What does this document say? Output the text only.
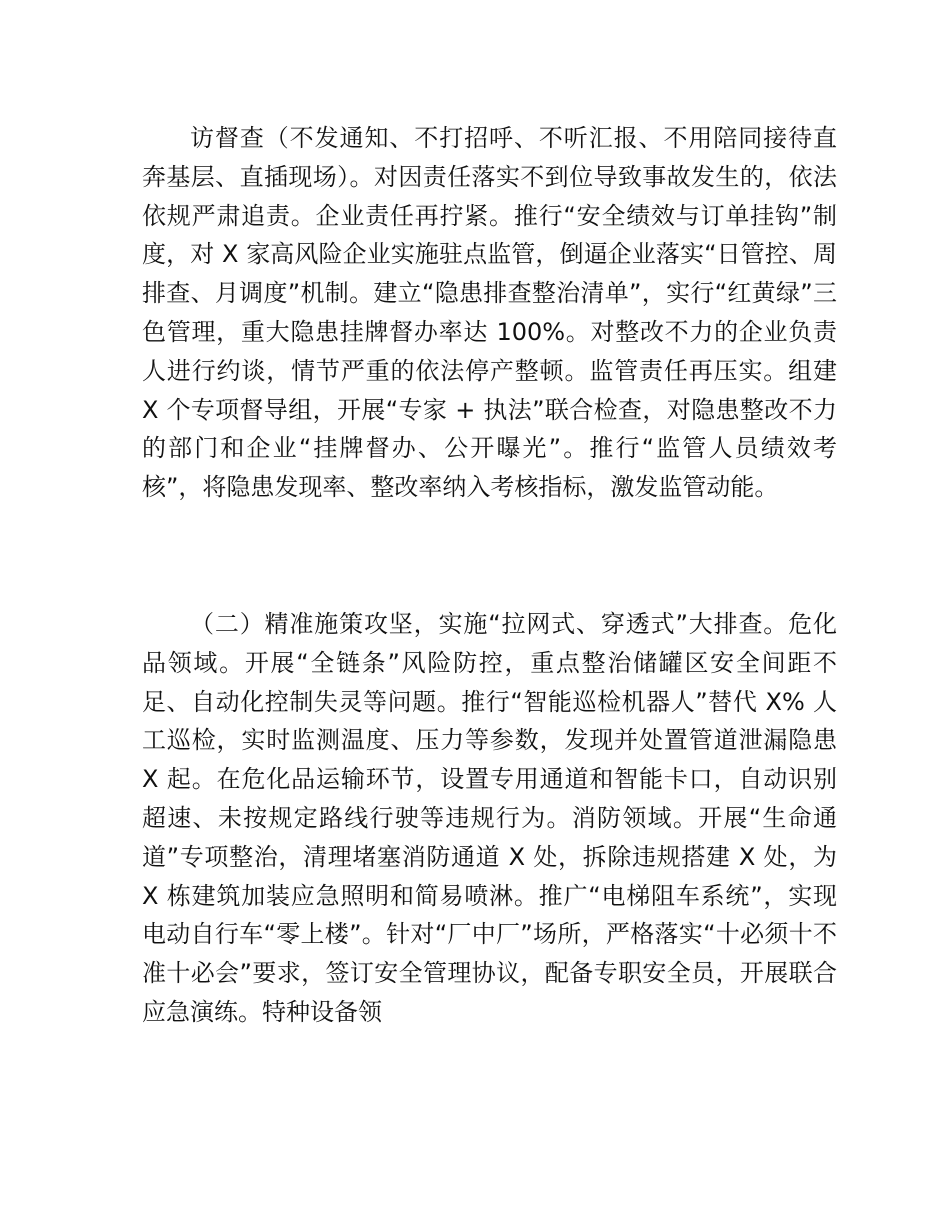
访督查（不发通知、不打招呼、不听汇报、不用陪同接待直奔基层、直插现场）。对因责任落实不到位导致事故发生的，依法依规严肃追责。企业责任再拧紧。推行“安全绩效与订单挂钩”制度，对 X 家高风险企业实施驻点监管，倒逼企业落实“日管控、周排查、月调度”机制。建立“隐患排查整治清单”，实行“红黄绿”三色管理，重大隐患挂牌督办率达 100%。对整改不力的企业负责人进行约谈，情节严重的依法停产整顿。监管责任再压实。组建 X 个专项督导组，开展“专家 + 执法”联合检查，对隐患整改不力的部门和企业“挂牌督办、公开曝光”。推行“监管人员绩效考核”，将隐患发现率、整改率纳入考核指标，激发监管动能。

（二）精准施策攻坚，实施“拉网式、穿透式”大排查。危化品领域。开展“全链条”风险防控，重点整治储罐区安全间距不足、自动化控制失灵等问题。推行“智能巡检机器人”替代 X% 人工巡检，实时监测温度、压力等参数，发现并处置管道泄漏隐患 X 起。在危化品运输环节，设置专用通道和智能卡口，自动识别超速、未按规定路线行驶等违规行为。消防领域。开展“生命通道”专项整治，清理堵塞消防通道 X 处，拆除违规搭建 X 处，为 X 栋建筑加装应急照明和简易喷淋。推广“电梯阻车系统”，实现电动自行车“零上楼”。针对“厂中厂”场所，严格落实“十必须十不准十必会”要求，签订安全管理协议，配备专职安全员，开展联合应急演练。特种设备领
